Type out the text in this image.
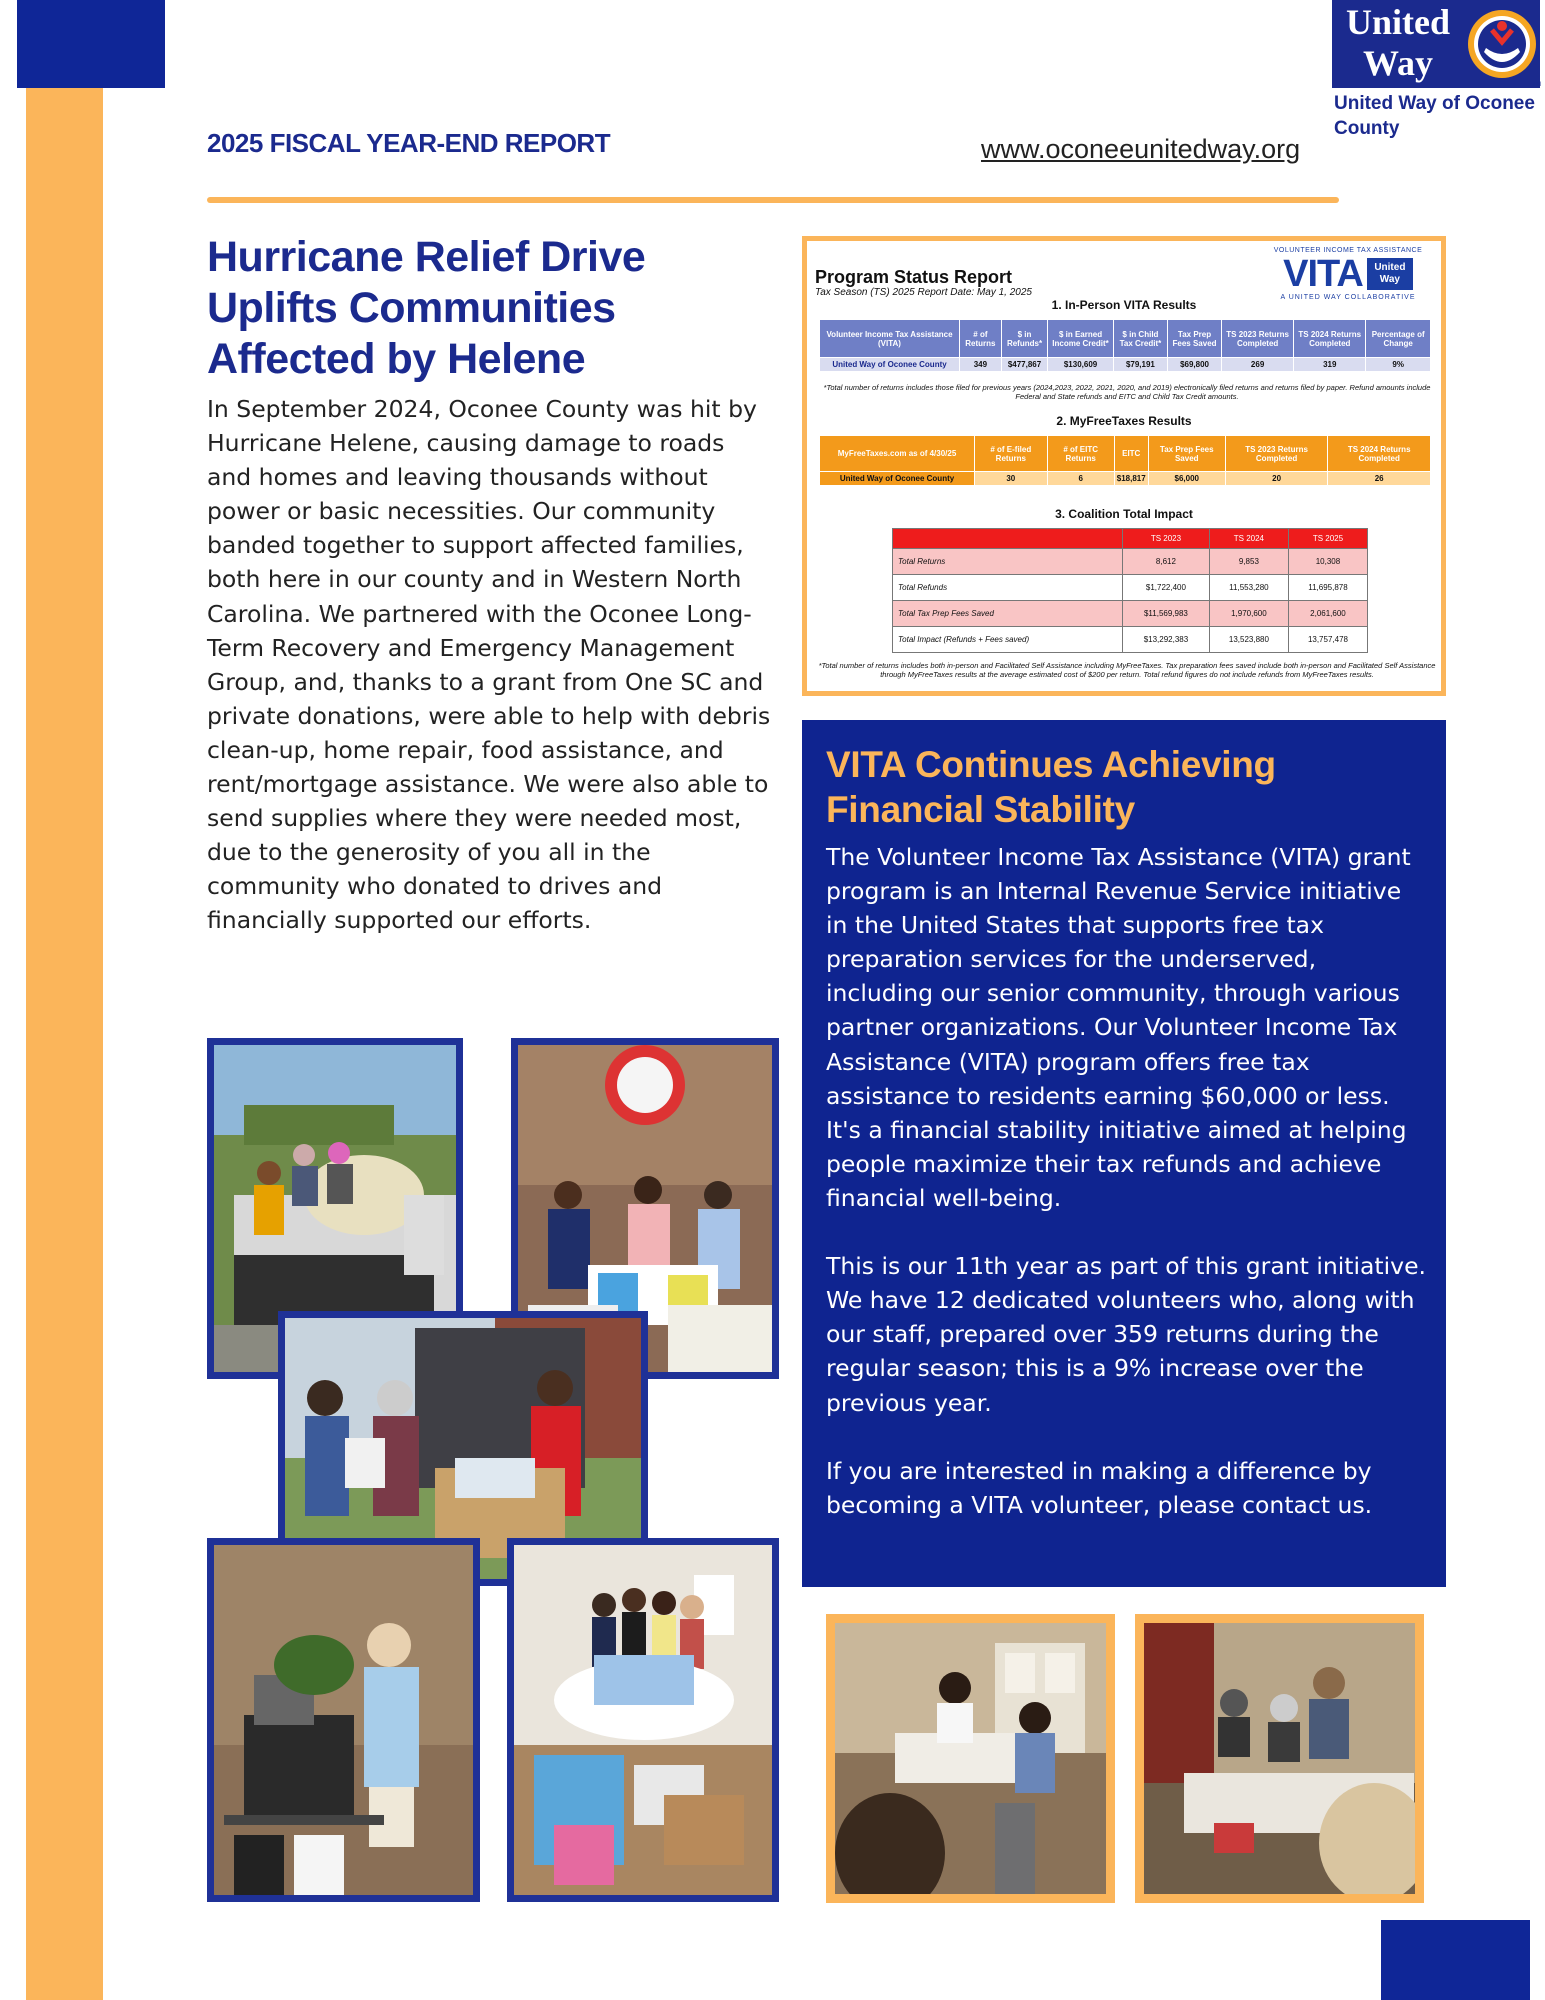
United
Way
TM
United Way of Oconee County
2025 FISCAL YEAR-END REPORT	www.oconeeunitedway.org
Hurricane Relief Drive Uplifts Communities Affected by Helene
In September 2024, Oconee County was hit by Hurricane Helene, causing damage to roads and homes and leaving thousands without power or basic necessities. Our community banded together to support affected families, both here in our county and in Western North Carolina. We partnered with the Oconee Long-Term Recovery and Emergency Management Group, and, thanks to a grant from One SC and private donations, were able to help with debris clean-up, home repair, food assistance, and rent/mortgage assistance. We were also able to send supplies where they were needed most, due to the generosity of you all in the community who donated to drives and financially supported our efforts.
Program Status Report
Tax Season (TS) 2025 Report Date: May 1, 2025
VOLUNTEER INCOME TAX ASSISTANCE
VITA United Way
A UNITED WAY COLLABORATIVE
1. In-Person VITA Results
Volunteer Income Tax Assistance (VITA)	# of Returns	$ in Refunds*	$ in Earned Income Credit*	$ in Child Tax Credit*	Tax Prep Fees Saved	TS 2023 Returns Completed	TS 2024 Returns Completed	Percentage of Change
United Way of Oconee County	349	$477,867	$130,609	$79,191	$69,800	269	319	9%
*Total number of returns includes those filed for previous years (2024,2023, 2022, 2021, 2020, and 2019) electronically filed returns and returns filed by paper. Refund amounts include Federal and State refunds and EITC and Child Tax Credit amounts.
2. MyFreeTaxes Results
MyFreeTaxes.com as of 4/30/25	# of E-filed Returns	# of EITC Returns	EITC	Tax Prep Fees Saved	TS 2023 Returns Completed	TS 2024 Returns Completed
United Way of Oconee County	30	6	$18,817	$6,000	20	26
3. Coalition Total Impact
	TS 2023	TS 2024	TS 2025
Total Returns	8,612	9,853	10,308
Total Refunds	$1,722,400	11,553,280	11,695,878
Total Tax Prep Fees Saved	$11,569,983	1,970,600	2,061,600
Total Impact (Refunds + Fees saved)	$13,292,383	13,523,880	13,757,478
*Total number of returns includes both in-person and Facilitated Self Assistance including MyFreeTaxes. Tax preparation fees saved include both in-person and Facilitated Self Assistance through MyFreeTaxes results at the average estimated cost of $200 per return. Total refund figures do not include refunds from MyFreeTaxes results.
VITA Continues Achieving Financial Stability

The Volunteer Income Tax Assistance (VITA) grant program is an Internal Revenue Service initiative in the United States that supports free tax preparation services for the underserved, including our senior community, through various partner organizations. Our Volunteer Income Tax Assistance (VITA) program offers free tax assistance to residents earning $60,000 or less. It's a financial stability initiative aimed at helping people maximize their tax refunds and achieve financial well-being.

This is our 11th year as part of this grant initiative. We have 12 dedicated volunteers who, along with our staff, prepared over 359 returns during the regular season; this is a 9% increase over the previous year.

If you are interested in making a difference by becoming a VITA volunteer, please contact us.
